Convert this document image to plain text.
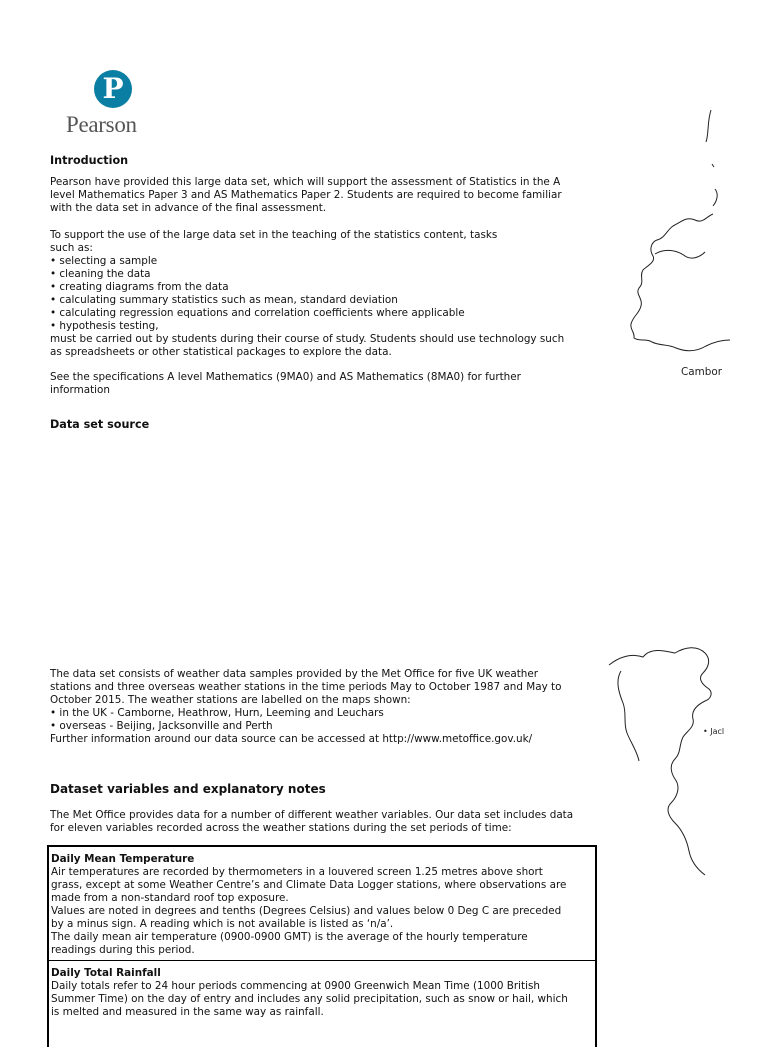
P
Pearson
Introduction
Pearson have provided this large data set, which will support the assessment of Statistics in the A
level Mathematics Paper 3 and AS Mathematics Paper 2. Students are required to become familiar
with the data set in advance of the final assessment.
To support the use of the large data set in the teaching of the statistics content, tasks
such as:
• selecting a sample
• cleaning the data
• creating diagrams from the data
• calculating summary statistics such as mean, standard deviation
• calculating regression equations and correlation coefficients where applicable
• hypothesis testing,
must be carried out by students during their course of study. Students should use technology such
as spreadsheets or other statistical packages to explore the data.
See the specifications A level Mathematics (9MA0) and AS Mathematics (8MA0) for further
information
Data set source
The data set consists of weather data samples provided by the Met Office for five UK weather
stations and three overseas weather stations in the time periods May to October 1987 and May to
October 2015. The weather stations are labelled on the maps shown:
• in the UK - Camborne, Heathrow, Hurn, Leeming and Leuchars
• overseas - Beijing, Jacksonville and Perth
Further information around our data source can be accessed at http://www.metoffice.gov.uk/
Dataset variables and explanatory notes
The Met Office provides data for a number of different weather variables. Our data set includes data
for eleven variables recorded across the weather stations during the set periods of time:
Daily Mean Temperature
Air temperatures are recorded by thermometers in a louvered screen 1.25 metres above short
grass, except at some Weather Centre’s and Climate Data Logger stations, where observations are
made from a non-standard roof top exposure.
Values are noted in degrees and tenths (Degrees Celsius) and values below 0 Deg C are preceded
by a minus sign. A reading which is not available is listed as ‘n/a’.
The daily mean air temperature (0900-0900 GMT) is the average of the hourly temperature
readings during this period.
Daily Total Rainfall
Daily totals refer to 24 hour periods commencing at 0900 Greenwich Mean Time (1000 British
Summer Time) on the day of entry and includes any solid precipitation, such as snow or hail, which
is melted and measured in the same way as rainfall.
Cambor
• Jacl
